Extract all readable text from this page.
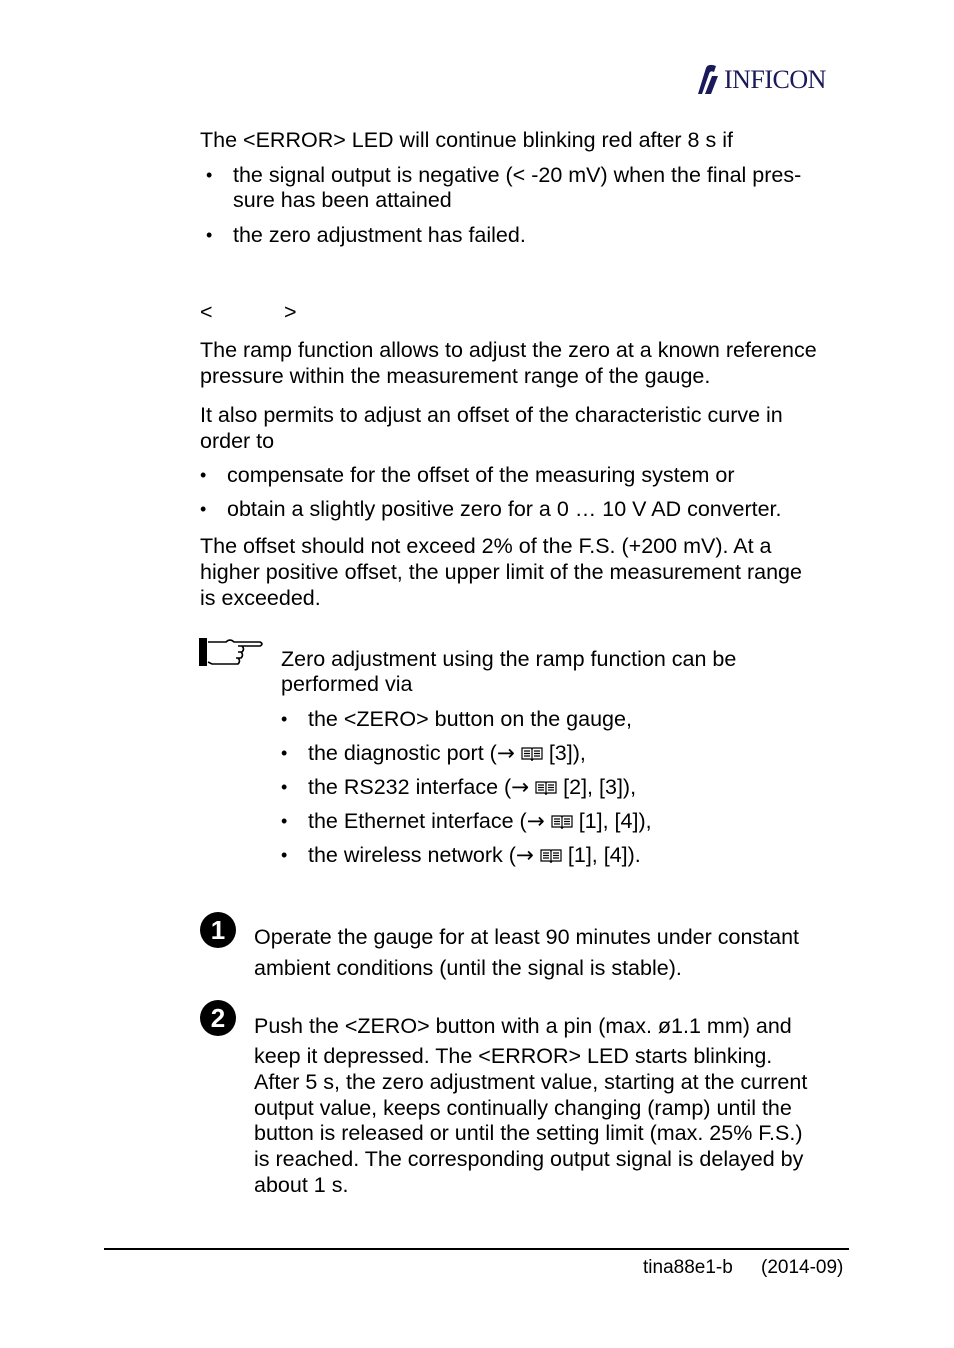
INFICON
The <ERROR> LED will continue blinking red after 8 s if
• the signal output is negative (< -20 mV) when the final pres-
sure has been attained
• the zero adjustment has failed.
<	>
The ramp function allows to adjust the zero at a known reference
pressure within the measurement range of the gauge.
It also permits to adjust an offset of the characteristic curve in
order to
• compensate for the offset of the measuring system or
• obtain a slightly positive zero for a 0 … 10 V AD converter.
The offset should not exceed 2% of the F.S. (+200 mV). At a
higher positive offset, the upper limit of the measurement range
is exceeded.
Zero adjustment using the ramp function can be
performed via
• the <ZERO> button on the gauge,
• the diagnostic port (→ [3]),
• the RS232 interface (→ [2], [3]),
• the Ethernet interface (→ [1], [4]),
• the wireless network (→ [1], [4]).
1	Operate the gauge for at least 90 minutes under constant
ambient conditions (until the signal is stable).
2	Push the <ZERO> button with a pin (max. ø1.1 mm) and
keep it depressed. The <ERROR> LED starts blinking.
After 5 s, the zero adjustment value, starting at the current
output value, keeps continually changing (ramp) until the
button is released or until the setting limit (max. 25% F.S.)
is reached. The corresponding output signal is delayed by
about 1 s.
tina88e1-b (2014-09)
